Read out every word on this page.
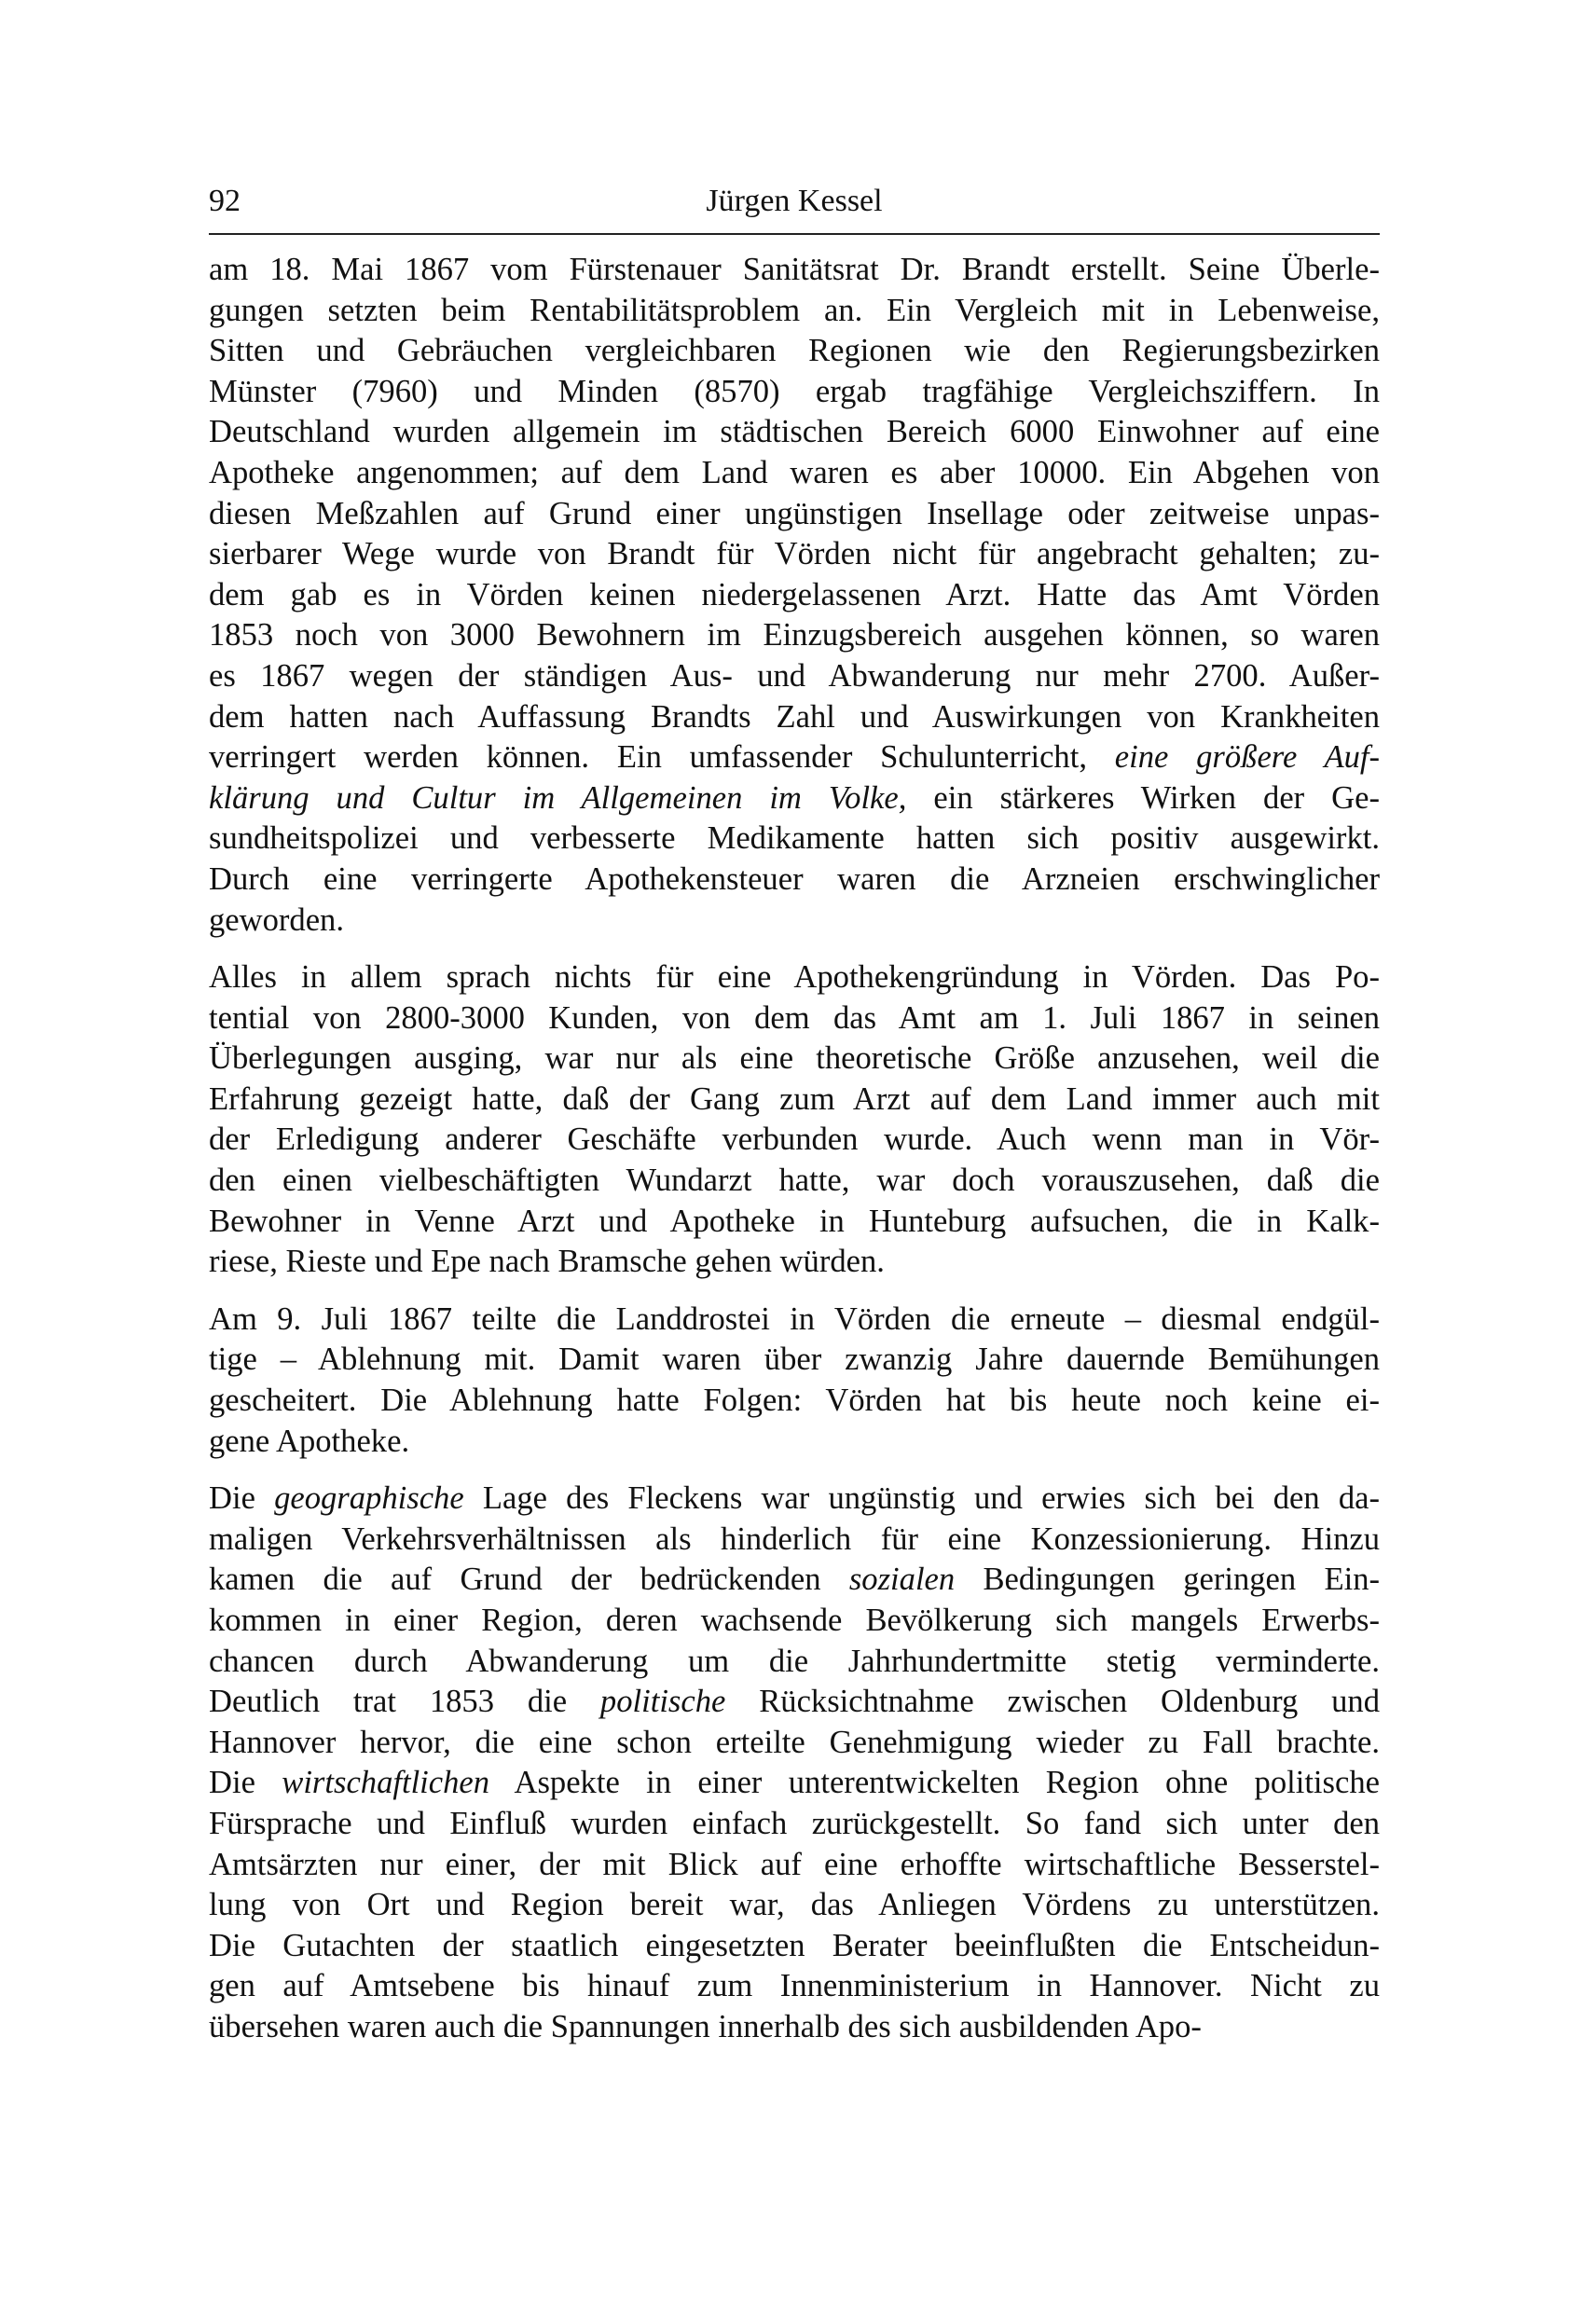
92	Jürgen Kessel
am 18. Mai 1867 vom Fürstenauer Sanitätsrat Dr. Brandt erstellt. Seine Überle-
gungen setzten beim Rentabilitätsproblem an. Ein Vergleich mit in Lebenweise,
Sitten und Gebräuchen vergleichbaren Regionen wie den Regierungsbezirken
Münster (7960) und Minden (8570) ergab tragfähige Vergleichsziffern. In
Deutschland wurden allgemein im städtischen Bereich 6000 Einwohner auf eine
Apotheke angenommen; auf dem Land waren es aber 10000. Ein Abgehen von
diesen Meßzahlen auf Grund einer ungünstigen Insellage oder zeitweise unpas-
sierbarer Wege wurde von Brandt für Vörden nicht für angebracht gehalten; zu-
dem gab es in Vörden keinen niedergelassenen Arzt. Hatte das Amt Vörden
1853 noch von 3000 Bewohnern im Einzugsbereich ausgehen können, so waren
es 1867 wegen der ständigen Aus- und Abwanderung nur mehr 2700. Außer-
dem hatten nach Auffassung Brandts Zahl und Auswirkungen von Krankheiten
verringert werden können. Ein umfassender Schulunterricht, eine größere Auf-
klärung und Cultur im Allgemeinen im Volke, ein stärkeres Wirken der Ge-
sundheitspolizei und verbesserte Medikamente hatten sich positiv ausgewirkt.
Durch eine verringerte Apothekensteuer waren die Arzneien erschwinglicher
geworden.
Alles in allem sprach nichts für eine Apothekengründung in Vörden. Das Po-
tential von 2800-3000 Kunden, von dem das Amt am 1. Juli 1867 in seinen
Überlegungen ausging, war nur als eine theoretische Größe anzusehen, weil die
Erfahrung gezeigt hatte, daß der Gang zum Arzt auf dem Land immer auch mit
der Erledigung anderer Geschäfte verbunden wurde. Auch wenn man in Vör-
den einen vielbeschäftigten Wundarzt hatte, war doch vorauszusehen, daß die
Bewohner in Venne Arzt und Apotheke in Hunteburg aufsuchen, die in Kalk-
riese, Rieste und Epe nach Bramsche gehen würden.
Am 9. Juli 1867 teilte die Landdrostei in Vörden die erneute – diesmal endgül-
tige – Ablehnung mit. Damit waren über zwanzig Jahre dauernde Bemühungen
gescheitert. Die Ablehnung hatte Folgen: Vörden hat bis heute noch keine ei-
gene Apotheke.
Die geographische Lage des Fleckens war ungünstig und erwies sich bei den da-
maligen Verkehrsverhältnissen als hinderlich für eine Konzessionierung. Hinzu
kamen die auf Grund der bedrückenden sozialen Bedingungen geringen Ein-
kommen in einer Region, deren wachsende Bevölkerung sich mangels Erwerbs-
chancen durch Abwanderung um die Jahrhundertmitte stetig verminderte.
Deutlich trat 1853 die politische Rücksichtnahme zwischen Oldenburg und
Hannover hervor, die eine schon erteilte Genehmigung wieder zu Fall brachte.
Die wirtschaftlichen Aspekte in einer unterentwickelten Region ohne politische
Fürsprache und Einfluß wurden einfach zurückgestellt. So fand sich unter den
Amtsärzten nur einer, der mit Blick auf eine erhoffte wirtschaftliche Besserstel-
lung von Ort und Region bereit war, das Anliegen Vördens zu unterstützen.
Die Gutachten der staatlich eingesetzten Berater beeinflußten die Entscheidun-
gen auf Amtsebene bis hinauf zum Innenministerium in Hannover. Nicht zu
übersehen waren auch die Spannungen innerhalb des sich ausbildenden Apo-
